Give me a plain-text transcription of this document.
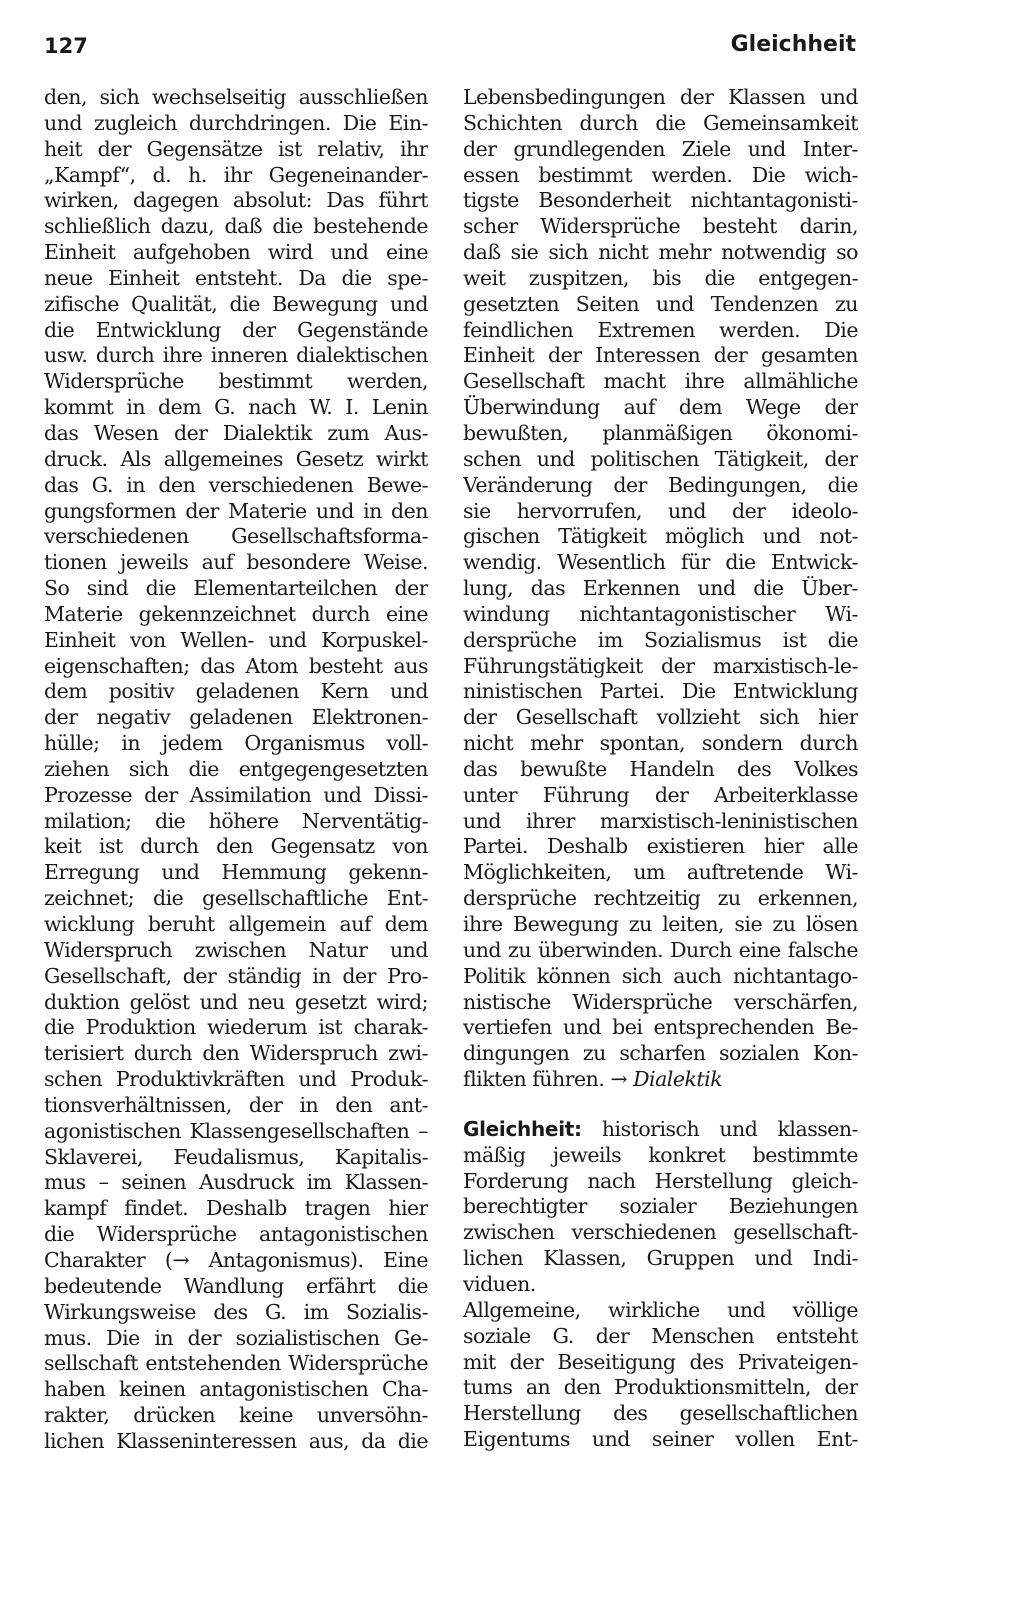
127	Gleichheit
den, sich wechselseitig ausschließen
und zugleich durchdringen. Die Ein-
heit der Gegensätze ist relativ, ihr
„Kampf“, d. h. ihr Gegeneinander-
wirken, dagegen absolut: Das führt
schließlich dazu, daß die bestehende
Einheit aufgehoben wird und eine
neue Einheit entsteht. Da die spe-
zifische Qualität, die Bewegung und
die Entwicklung der Gegenstände
usw. durch ihre inneren dialektischen
Widersprüche bestimmt werden,
kommt in dem G. nach W. I. Lenin
das Wesen der Dialektik zum Aus-
druck. Als allgemeines Gesetz wirkt
das G. in den verschiedenen Bewe-
gungsformen der Materie und in den
verschiedenen Gesellschaftsforma-
tionen jeweils auf besondere Weise.
So sind die Elementarteilchen der
Materie gekennzeichnet durch eine
Einheit von Wellen- und Korpuskel-
eigenschaften; das Atom besteht aus
dem positiv geladenen Kern und
der negativ geladenen Elektronen-
hülle; in jedem Organismus voll-
ziehen sich die entgegengesetzten
Prozesse der Assimilation und Dissi-
milation; die höhere Nerventätig-
keit ist durch den Gegensatz von
Erregung und Hemmung gekenn-
zeichnet; die gesellschaftliche Ent-
wicklung beruht allgemein auf dem
Widerspruch zwischen Natur und
Gesellschaft, der ständig in der Pro-
duktion gelöst und neu gesetzt wird;
die Produktion wiederum ist charak-
terisiert durch den Widerspruch zwi-
schen Produktivkräften und Produk-
tionsverhältnissen, der in den ant-
agonistischen Klassengesellschaften –
Sklaverei, Feudalismus, Kapitalis-
mus – seinen Ausdruck im Klassen-
kampf findet. Deshalb tragen hier
die Widersprüche antagonistischen
Charakter (→ Antagonismus). Eine
bedeutende Wandlung erfährt die
Wirkungsweise des G. im Sozialis-
mus. Die in der sozialistischen Ge-
sellschaft entstehenden Widersprüche
haben keinen antagonistischen Cha-
rakter, drücken keine unversöhn-
lichen Klasseninteressen aus, da die
Lebensbedingungen der Klassen und
Schichten durch die Gemeinsamkeit
der grundlegenden Ziele und Inter-
essen bestimmt werden. Die wich-
tigste Besonderheit nichtantagonisti-
scher Widersprüche besteht darin,
daß sie sich nicht mehr notwendig so
weit zuspitzen, bis die entgegen-
gesetzten Seiten und Tendenzen zu
feindlichen Extremen werden. Die
Einheit der Interessen der gesamten
Gesellschaft macht ihre allmähliche
Überwindung auf dem Wege der
bewußten, planmäßigen ökonomi-
schen und politischen Tätigkeit, der
Veränderung der Bedingungen, die
sie hervorrufen, und der ideolo-
gischen Tätigkeit möglich und not-
wendig. Wesentlich für die Entwick-
lung, das Erkennen und die Über-
windung nichtantagonistischer Wi-
dersprüche im Sozialismus ist die
Führungstätigkeit der marxistisch-le-
ninistischen Partei. Die Entwicklung
der Gesellschaft vollzieht sich hier
nicht mehr spontan, sondern durch
das bewußte Handeln des Volkes
unter Führung der Arbeiterklasse
und ihrer marxistisch-leninistischen
Partei. Deshalb existieren hier alle
Möglichkeiten, um auftretende Wi-
dersprüche rechtzeitig zu erkennen,
ihre Bewegung zu leiten, sie zu lösen
und zu überwinden. Durch eine falsche
Politik können sich auch nichtantago-
nistische Widersprüche verschärfen,
vertiefen und bei entsprechenden Be-
dingungen zu scharfen sozialen Kon-
flikten führen. → Dialektik
Gleichheit: historisch und klassen-
mäßig jeweils konkret bestimmte
Forderung nach Herstellung gleich-
berechtigter sozialer Beziehungen
zwischen verschiedenen gesellschaft-
lichen Klassen, Gruppen und Indi-
viduen.
Allgemeine, wirkliche und völlige
soziale G. der Menschen entsteht
mit der Beseitigung des Privateigen-
tums an den Produktionsmitteln, der
Herstellung des gesellschaftlichen
Eigentums und seiner vollen Ent-
